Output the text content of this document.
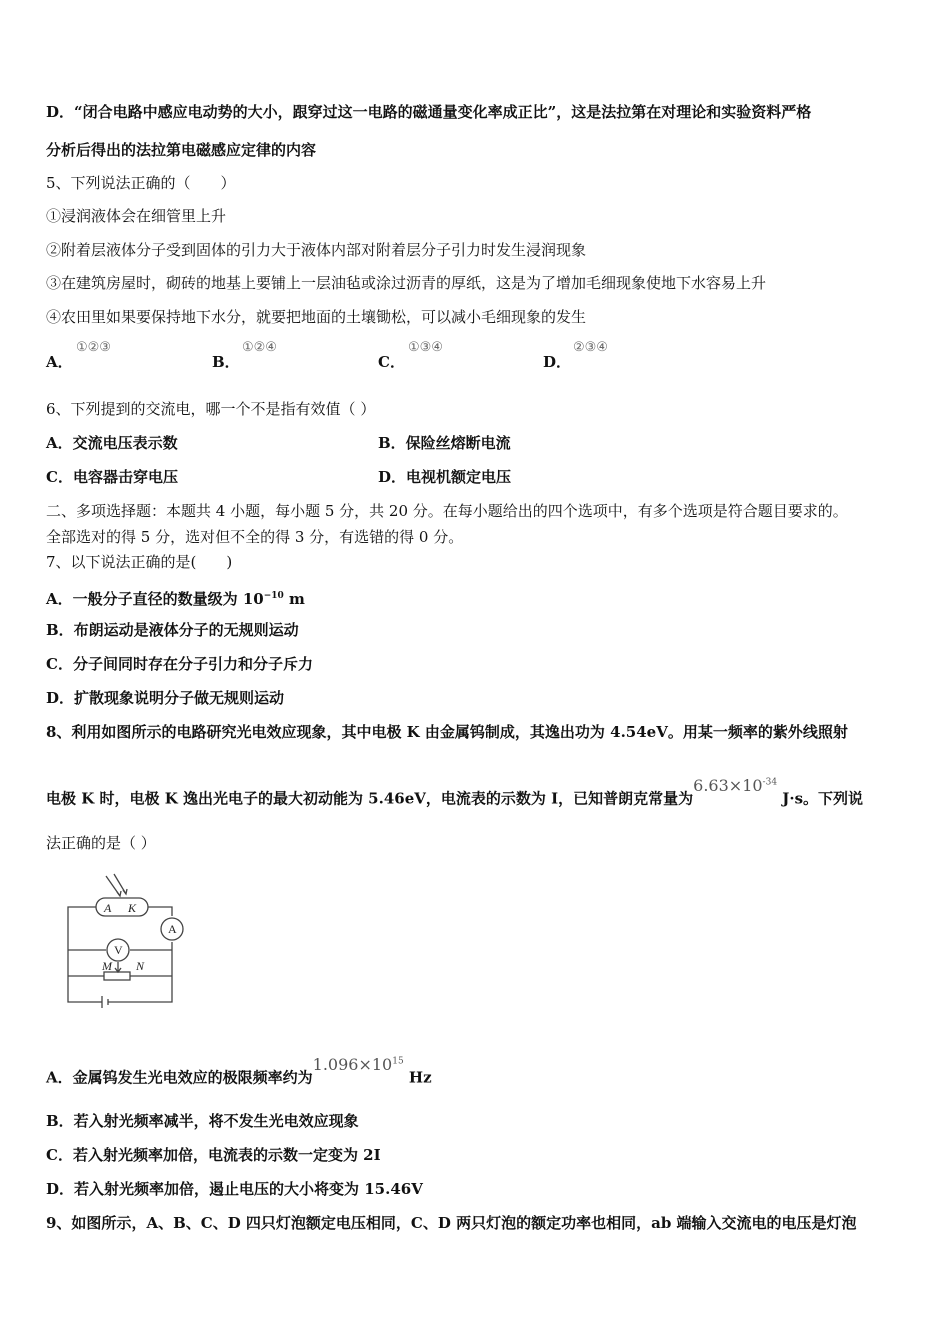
D．“闭合电路中感应电动势的大小，跟穿过这一电路的磁通量变化率成正比”，这是法拉第在对理论和实验资料严格
分析后得出的法拉第电磁感应定律的内容
5、下列说法正确的（　　）
①浸润液体会在细管里上升
②附着层液体分子受到固体的引力大于液体内部对附着层分子引力时发生浸润现象
③在建筑房屋时，砌砖的地基上要铺上一层油毡或涂过沥青的厚纸，这是为了增加毛细现象使地下水容易上升
④农田里如果要保持地下水分，就要把地面的土壤锄松，可以减小毛细现象的发生
A．
①②③
B．
①②④
C．
①③④
D．
②③④
6、下列提到的交流电，哪一个不是指有效值（ ）
A．交流电压表示数	B．保险丝熔断电流
C．电容器击穿电压	D．电视机额定电压
二、多项选择题：本题共 4 小题，每小题 5 分，共 20 分。在每小题给出的四个选项中，有多个选项是符合题目要求的。
全部选对的得 5 分，选对但不全的得 3 分，有选错的得 0 分。
7、以下说法正确的是(　　)
A．一般分子直径的数量级为 $10^{-10}$ m
B．布朗运动是液体分子的无规则运动
C．分子间同时存在分子引力和分子斥力
D．扩散现象说明分子做无规则运动
8、利用如图所示的电路研究光电效应现象，其中电极 K 由金属钨制成，其逸出功为 4.54eV。用某一频率的紫外线照射
电极 K 时，电极 K 逸出光电子的最大初动能为 5.46eV，电流表的示数为 I，已知普朗克常量为$6.63\times 10^{-34}$ J·s。下列说
法正确的是（ ）
A K
A
V
M N
A．金属钨发生光电效应的极限频率约为$1.096\times 10^{15}$ Hz
B．若入射光频率减半，将不发生光电效应现象
C．若入射光频率加倍，电流表的示数一定变为 2I
D．若入射光频率加倍，遏止电压的大小将变为 15.46V
9、如图所示，A、B、C、D 四只灯泡额定电压相同，C、D 两只灯泡的额定功率也相同，ab 端输入交流电的电压是灯泡
